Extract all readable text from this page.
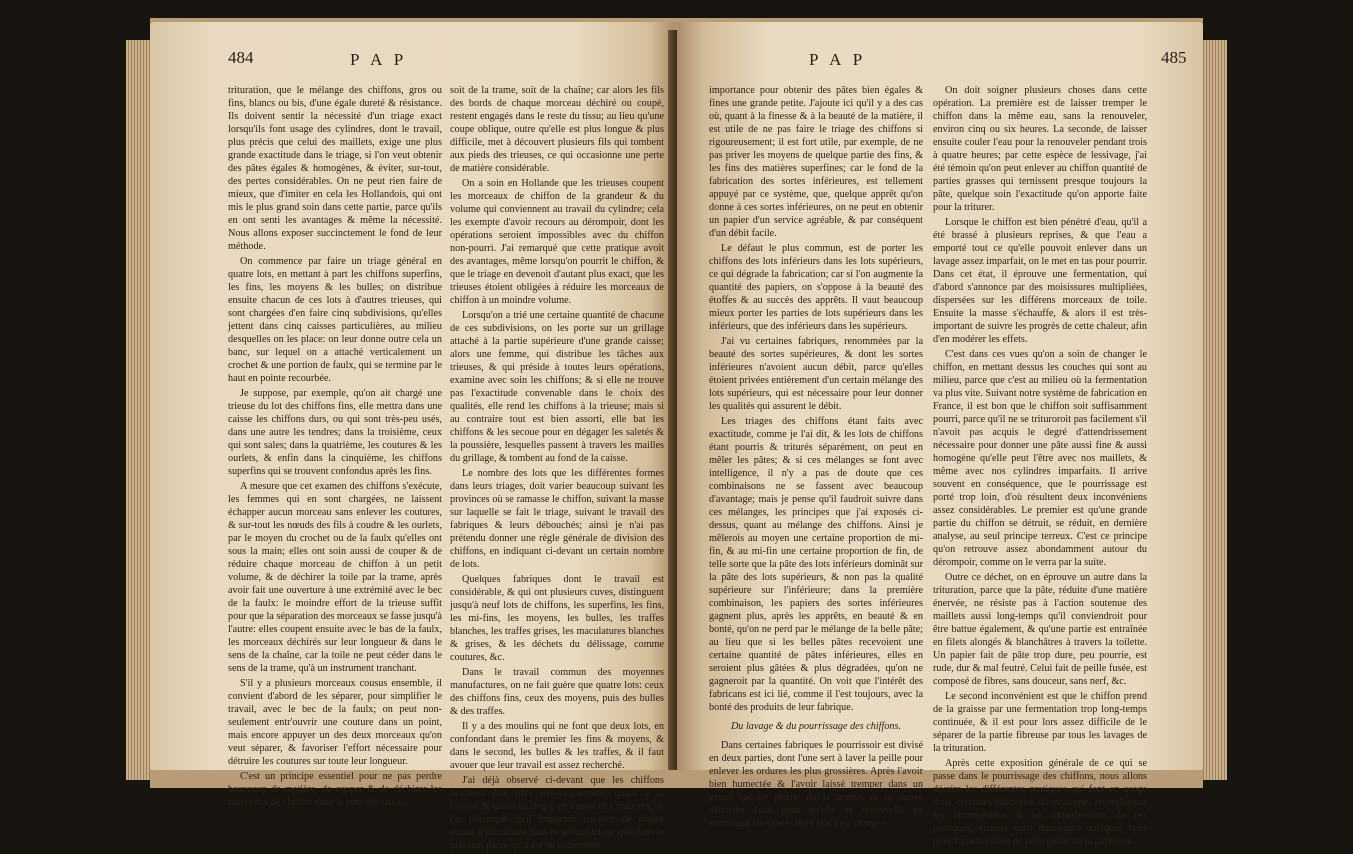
484	P A P

trituration, que le mélange des chiffons, gros ou fins, blancs ou bis, d'une égale dureté & résistance. Ils doivent sentir la nécessité d'un triage exact lorsqu'ils font usage des cylindres, dont le travail, plus précis que celui des maillets, exige une plus grande exactitude dans le triage, si l'on veut obtenir des pâtes égales & homogènes, & éviter, sur-tout, des pertes considérables. On ne peut rien faire de mieux, que d'imiter en cela les Hollandois, qui ont mis le plus grand soin dans cette partie, parce qu'ils en ont senti les avantages & même la nécessité. Nous allons exposer succinctement le fond de leur méthode.

On commence par faire un triage général en quatre lots, en mettant à part les chiffons superfins, les fins, les moyens & les bulles; on distribue ensuite chacun de ces lots à d'autres trieuses, qui sont chargées d'en faire cinq subdivisions, qu'elles jettent dans cinq caisses particulières, au milieu desquelles on les place: on leur donne outre cela un banc, sur lequel on a attaché verticalement un crochet & une portion de faulx, qui se termine par le haut en pointe recourbée.

Je suppose, par exemple, qu'on ait chargé une trieuse du lot des chiffons fins, elle mettra dans une caisse les chiffons durs, ou qui sont très-peu usés, dans une autre les tendres; dans la troisième, ceux qui sont sales; dans la quatrième, les coutures & les ourlets, & enfin dans la cinquième, les chiffons superfins qui se trouvent confondus après les fins.

A mesure que cet examen des chiffons s'exécute, les femmes qui en sont chargées, ne laissent échapper aucun morceau sans enlever les coutures, & sur-tout les nœuds des fils à coudre & les ourlets, par le moyen du crochet ou de la faulx qu'elles ont sous la main; elles ont soin aussi de couper & de réduire chaque morceau de chiffon à un petit volume, & de déchirer la toile par la trame, après avoir fait une ouverture à une extrémité avec le bec de la faulx: le moindre effort de la trieuse suffit pour que la séparation des morceaux se fasse jusqu'à l'autre: elles coupent ensuite avec le bas de la faulx, les morceaux déchirés sur leur longueur & dans le sens de la chaîne, car la toile ne peut céder dans le sens de la trame, qu'à un instrument tranchant.

S'il y a plusieurs morceaux cousus ensemble, il convient d'abord de les séparer, pour simplifier le travail, avec le bec de la faulx; on peut non-seulement entr'ouvrir une couture dans un point, mais encore appuyer un des deux morceaux qu'on veut séparer, & favoriser l'effort nécessaire pour détruire les coutures sur toute leur longueur.

C'est un principe essentiel pour ne pas perdre beaucoup de matière, de couper & de déchirer les morceaux de chiffon dans le sens des tissus,

soit de la trame, soit de la chaîne; car alors les fils des bords de chaque morceau déchiré ou coupé, restent engagés dans le reste du tissu; au lieu qu'une coupe oblique, outre qu'elle est plus longue & plus difficile, met à découvert plusieurs fils qui tombent aux pieds des trieuses, ce qui occasionne une perte de matière considérable.

On a soin en Hollande que les trieuses coupent les morceaux de chiffon de la grandeur & du volume qui conviennent au travail du cylindre; cela les exempte d'avoir recours au dérompoir, dont les opérations seroient impossibles avec du chiffon non-pourri. J'ai remarqué que cette pratique avoit des avantages, même lorsqu'on pourrit le chiffon, & que le triage en devenoit d'autant plus exact, que les trieuses étoient obligées à réduire les morceaux de chiffon à un moindre volume.

Lorsqu'on a trié une certaine quantité de chacune de ces subdivisions, on les porte sur un grillage attaché à la partie supérieure d'une grande caisse; alors une femme, qui distribue les tâches aux trieuses, & qui préside à toutes leurs opérations, examine avec soin les chiffons; & si elle ne trouve pas l'exactitude convenable dans le choix des qualités, elle rend les chiffons à la trieuse; mais si au contraire tout est bien assorti, elle bat les chiffons & les secoue pour en dégager les saletés & la poussière, lesquelles passent à travers les mailles du grillage, & tombent au fond de la caisse.

Le nombre des lots que les différentes formes dans leurs triages, doit varier beaucoup suivant les provinces où se ramasse le chiffon, suivant la masse sur laquelle se fait le triage, suivant le travail des fabriques & leurs débouchés; ainsi je n'ai pas prétendu donner une règle générale de division des chiffons, en indiquant ci-devant un certain nombre de lots.

Quelques fabriques dont le travail est considérable, & qui ont plusieurs cuves, distinguent jusqu'à neuf lots de chiffons, les superfins, les fins, les mi-fins, les moyens, les bulles, les traffes blanches, les traffes grises, les maculatures blanches & grises, & les déchets du délissage, comme coutures, &c.

Dans le travail commun des moyennes manufactures, on ne fait guère que quatre lots: ceux des chiffons fins, ceux des moyens, puis des bulles & des traffes.

Il y a des moulins qui ne font que deux lots, en confondant dans le premier les fins & moyens, & dans le second, les bulles & les traffes, & il faut avouer que leur travail est assez recherché.

J'ai déjà observé ci-devant que les chiffons devoient être triés très-exactement, quant à la finesse & quant au degré de dureté des matières, & j'ai remarqué qu'il importoit sur-tout de mettre autant d'exactitude dans le second triage que dans le premier, parce qu'il est de la dernière

P A P	485

importance pour obtenir des pâtes bien égales & fines une grande petite. J'ajoute ici qu'il y a des cas où, quant à la finesse & à la beauté de la matière, il est utile de ne pas faire le triage des chiffons si rigoureusement; il est fort utile, par exemple, de ne pas priver les moyens de quelque partie des fins, & les fins des matières superfines; car le fond de la fabrication des sortes inférieures, est tellement appuyé par ce système, que, quelque apprêt qu'on donne à ces sortes inférieures, on ne peut en obtenir un papier d'un service agréable, & par conséquent d'un débit facile.

Le défaut le plus commun, est de porter les chiffons des lots inférieurs dans les lots supérieurs, ce qui dégrade la fabrication; car si l'on augmente la quantité des papiers, on s'oppose à la beauté des étoffes & au succès des apprêts. Il vaut beaucoup mieux porter les parties de lots supérieurs dans les inférieurs, que des inférieurs dans les supérieurs.

J'ai vu certaines fabriques, renommées par la beauté des sortes supérieures, & dont les sortes inférieures n'avoient aucun débit, parce qu'elles étoient privées entièrement d'un certain mélange des lots supérieurs, qui est nécessaire pour leur donner les qualités qui assurent le débit.

Les triages des chiffons étant faits avec exactitude, comme je l'ai dit, & les lots de chiffons étant pourris & triturés séparément, on peut en mêler les pâtes; & si ces mélanges se font avec intelligence, il n'y a pas de doute que ces combinaisons ne se fassent avec beaucoup d'avantage; mais je pense qu'il faudroit suivre dans ces mélanges, les principes que j'ai exposés ci-dessus, quant au mélange des chiffons. Ainsi je mêlerois au moyen une certaine proportion de mi-fin, & au mi-fin une certaine proportion de fin, de telle sorte que la pâte des lots inférieurs dominât sur la pâte des lots supérieurs, & non pas la qualité supérieure sur l'inférieure; dans la première combinaison, les papiers des sortes inférieures gagnent plus, après les apprêts, en beauté & en bonté, qu'on ne perd par le mélange de la belle pâte; au lieu que si les belles pâtes recevoient une certaine quantité de pâtes inférieures, elles en seroient plus gâtées & plus dégradées, qu'on ne gagneroit par la quantité. On voit que l'intérêt des fabricans est ici lié, comme il l'est toujours, avec la bonté des produits de leur fabrique.

Du lavage & du pourrissage des chiffons.

Dans certaines fabriques le pourrissoir est divisé en deux parties, dont l'une sert à laver la peille pour enlever les ordures les plus grossières. Après l'avoir bien humectée & l'avoir laissé tremper dans un grand bac de pierre, on la brasse, & on laisse déborder l'eau pour qu'elle se renouvelle en entraînant les saletés dont elle s'est chargée.

On doit soigner plusieurs choses dans cette opération. La première est de laisser tremper le chiffon dans la même eau, sans la renouveler, environ cinq ou six heures. La seconde, de laisser ensuite couler l'eau pour la renouveler pendant trois à quatre heures; par cette espèce de lessivage, j'ai été témoin qu'on peut enlever au chiffon quantité de parties grasses qui ternissent presque toujours la pâte, quelque soin l'exactitude qu'on apporte faite pour la triturer.

Lorsque le chiffon est bien pénétré d'eau, qu'il a été brassé à plusieurs reprises, & que l'eau a emporté tout ce qu'elle pouvoit enlever dans un lavage assez imparfait, on le met en tas pour pourrir. Dans cet état, il éprouve une fermentation, qui d'abord s'annonce par des moisissures multipliées, dispersées sur les différens morceaux de toile. Ensuite la masse s'échauffe, & alors il est très-important de suivre les progrès de cette chaleur, afin d'en modérer les effets.

C'est dans ces vues qu'on a soin de changer le chiffon, en mettant dessus les couches qui sont au milieu, parce que c'est au milieu où la fermentation va plus vite. Suivant notre système de fabrication en France, il est bon que le chiffon soit suffisamment pourri, parce qu'il ne se trituroroit pas facilement s'il n'avoit pas acquis le degré d'attendrissement nécessaire pour donner une pâte aussi fine & aussi homogène qu'elle peut l'être avec nos maillets, & même avec nos cylindres imparfaits. Il arrive souvent en conséquence, que le pourrissage est porté trop loin, d'où résultent deux inconvéniens assez considérables. Le premier est qu'une grande partie du chiffon se détruit, se réduit, en dernière analyse, au seul principe terreux. C'est ce principe qu'on retrouve assez abondamment autour du dérompoir, comme on le verra par la suite.

Outre ce déchet, on en éprouve un autre dans la trituration, parce que la pâte, réduite d'une matière énervée, ne résiste pas à l'action soutenue des maillets aussi long-temps qu'il conviendroit pour être battue également, & qu'une partie est entraînée en filets alongés & blanchâtres à travers la toilette. Un papier fait de pâte trop dure, peu pourrie, est rude, dur & mal feutré. Celui fait de peille fusée, est composé de fibres, sans douceur, sans nerf, &c.

Le second inconvénient est que le chiffon prend de la graisse par une fermentation trop long-temps continuée, & il est pour lors assez difficile de le séparer de la partie fibreuse par tous les lavages de la trituration.

Après cette exposition générale de ce qui se passe dans le pourrissage des chiffons, nous allons décrire les différentes pratiques qui font en usage dans certaines fabriques du royaume, en indiquant les inconvéniens & les imperfections de ces pratiques; ensuite nous donnerons quelques vues pour l'amélioration de cette partie de la papeterie.
